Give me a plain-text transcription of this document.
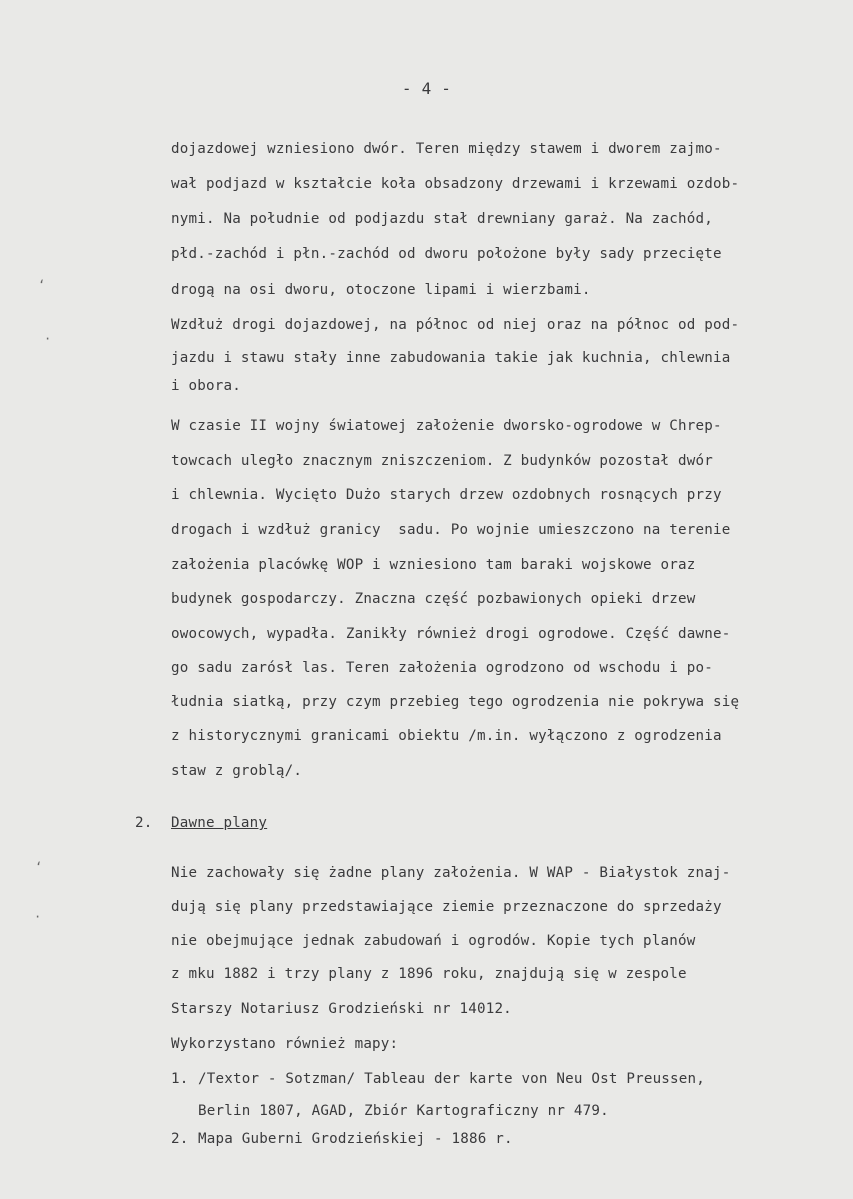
- 4 -
‘
·
‘
·
dojazdowej wzniesiono dwór. Teren między stawem i dworem zajmo-
wał podjazd w kształcie koła obsadzony drzewami i krzewami ozdob-
nymi. Na południe od podjazdu stał drewniany garaż. Na zachód,
płd.-zachód i płn.-zachód od dworu położone były sady przecięte
drogą na osi dworu, otoczone lipami i wierzbami.
Wzdłuż drogi dojazdowej, na północ od niej oraz na północ od pod-
jazdu i stawu stały inne zabudowania takie jak kuchnia, chlewnia
i obora.
W czasie II wojny światowej założenie dworsko-ogrodowe w Chrep-
towcach uległo znacznym zniszczeniom. Z budynków pozostał dwór
i chlewnia. Wycięto Dużo starych drzew ozdobnych rosnących przy
drogach i wzdłuż granicy  sadu. Po wojnie umieszczono na terenie
założenia placówkę WOP i wzniesiono tam baraki wojskowe oraz
budynek gospodarczy. Znaczna część pozbawionych opieki drzew
owocowych, wypadła. Zanikły również drogi ogrodowe. Część dawne-
go sadu zarósł las. Teren założenia ogrodzono od wschodu i po-
łudnia siatką, przy czym przebieg tego ogrodzenia nie pokrywa się
z historycznymi granicami obiektu /m.in. wyłączono z ogrodzenia
staw z groblą/.
2. Dawne plany
Nie zachowały się żadne plany założenia. W WAP - Białystok znaj-
dują się plany przedstawiające ziemie przeznaczone do sprzedaży
nie obejmujące jednak zabudowań i ogrodów. Kopie tych planów
z mku 1882 i trzy plany z 1896 roku, znajdują się w zespole
Starszy Notariusz Grodzieński nr 14012.
Wykorzystano również mapy:
1. /Textor - Sotzman/ Tableau der karte von Neu Ost Preussen,
Berlin 1807, AGAD, Zbiór Kartograficzny nr 479.
2. Mapa Guberni Grodzieńskiej - 1886 r.
